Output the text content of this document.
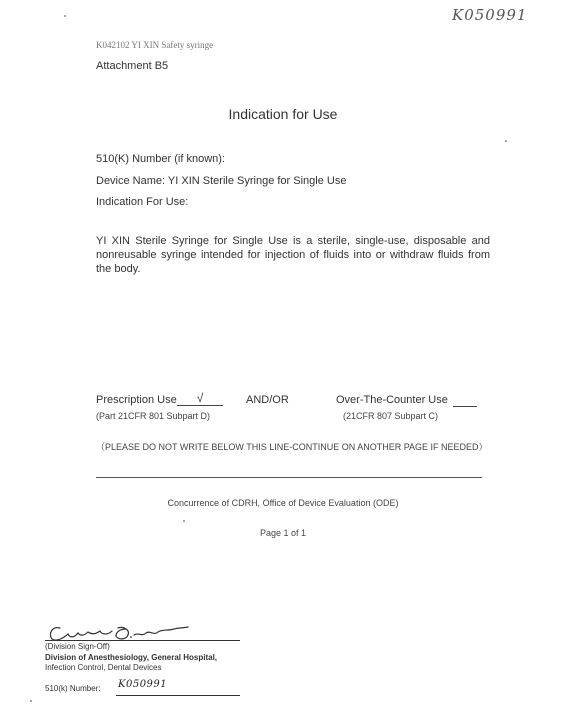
K050991
K042102 YI XIN Safety syringe
Attachment B5
Indication for Use
510(K) Number (if known):
Device Name: YI XIN Sterile Syringe for Single Use
Indication For Use:
YI XIN Sterile Syringe for Single Use is a sterile, single-use, disposable and nonreusable syringe intended for injection of fluids into or withdraw fluids from the body.
Prescription Use	√	AND/OR	Over-The-Counter Use
(Part 21CFR 801 Subpart D)	(21CFR 807 Subpart C)
（PLEASE DO NOT WRITE BELOW THIS LINE-CONTINUE ON ANOTHER PAGE IF NEEDED）
Concurrence of CDRH, Office of Device Evaluation (ODE)
Page 1 of 1
(Division Sign-Off)
Division of Anesthesiology, General Hospital,
Infection Control, Dental Devices
510(k) Number: K050991
